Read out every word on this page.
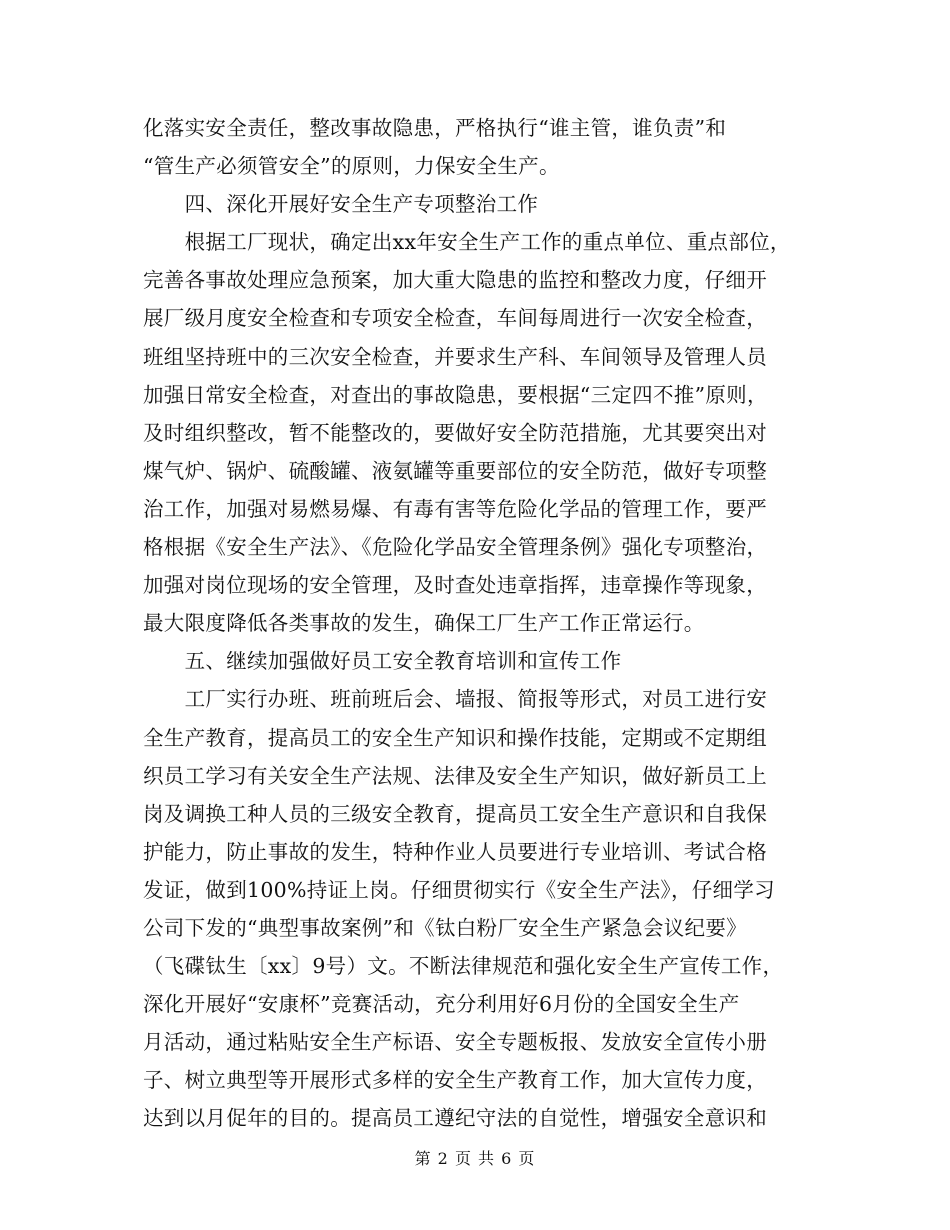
化落实安全责任，整改事故隐患，严格执行“谁主管，谁负责”和
“管生产必须管安全”的原则，力保安全生产。
　　四、深化开展好安全生产专项整治工作
　　根据工厂现状，确定出xx年安全生产工作的重点单位、重点部位，
完善各事故处理应急预案，加大重大隐患的监控和整改力度，仔细开
展厂级月度安全检查和专项安全检查，车间每周进行一次安全检查，
班组坚持班中的三次安全检查，并要求生产科、车间领导及管理人员
加强日常安全检查，对查出的事故隐患，要根据“三定四不推”原则，
及时组织整改，暂不能整改的，要做好安全防范措施，尤其要突出对
煤气炉、锅炉、硫酸罐、液氨罐等重要部位的安全防范，做好专项整
治工作，加强对易燃易爆、有毒有害等危险化学品的管理工作，要严
格根据《安全生产法》、《危险化学品安全管理条例》强化专项整治，
加强对岗位现场的安全管理，及时查处违章指挥，违章操作等现象，
最大限度降低各类事故的发生，确保工厂生产工作正常运行。
　　五、继续加强做好员工安全教育培训和宣传工作
　　工厂实行办班、班前班后会、墙报、简报等形式，对员工进行安
全生产教育，提高员工的安全生产知识和操作技能，定期或不定期组
织员工学习有关安全生产法规、法律及安全生产知识，做好新员工上
岗及调换工种人员的三级安全教育，提高员工安全生产意识和自我保
护能力，防止事故的发生，特种作业人员要进行专业培训、考试合格
发证，做到100%持证上岗。仔细贯彻实行《安全生产法》，仔细学习
公司下发的“典型事故案例”和《钛白粉厂安全生产紧急会议纪要》
（飞碟钛生〔xx〕9号）文。不断法律规范和强化安全生产宣传工作，
深化开展好“安康杯”竞赛活动，充分利用好6月份的全国安全生产
月活动，通过粘贴安全生产标语、安全专题板报、发放安全宣传小册
子、树立典型等开展形式多样的安全生产教育工作，加大宣传力度，
达到以月促年的目的。提高员工遵纪守法的自觉性，增强安全意识和
第 2 页 共 6 页
